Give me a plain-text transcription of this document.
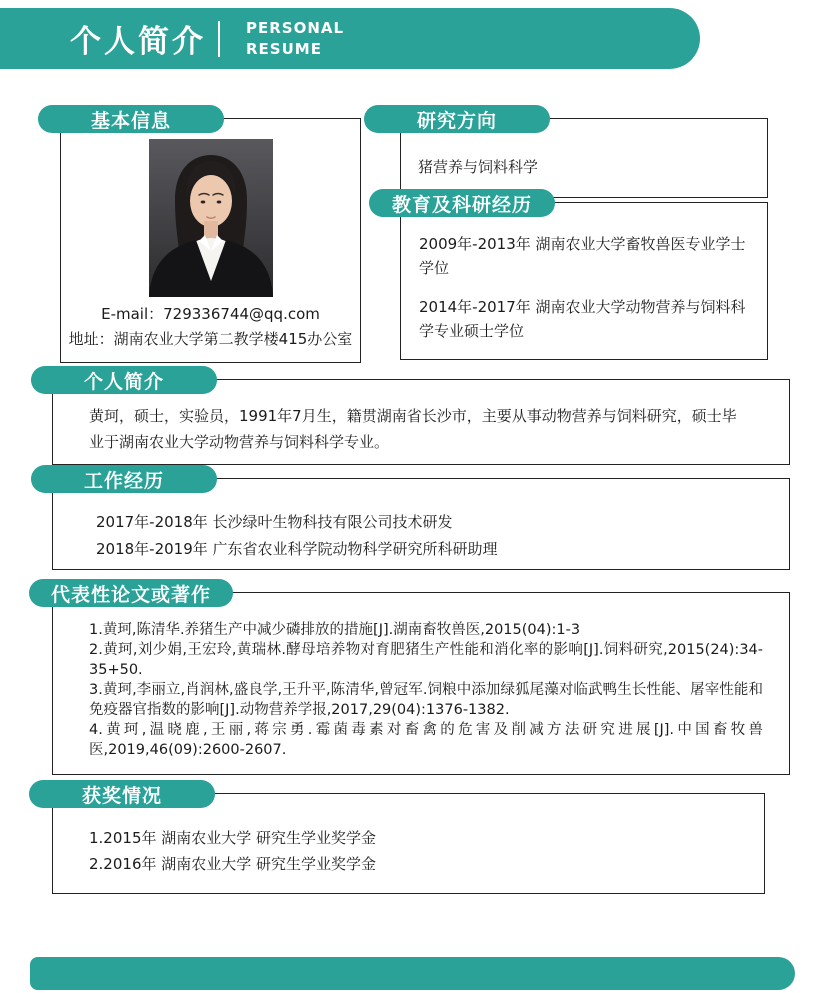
个人简介	PERSONAL
RESUME
基本信息
E-mail：729336744@qq.com
地址：湖南农业大学第二教学楼415办公室
研究方向
猪营养与饲料科学
教育及科研经历
2009年-2013年 湖南农业大学畜牧兽医专业学士学位
2014年-2017年 湖南农业大学动物营养与饲料科学专业硕士学位
个人简介
黄珂，硕士，实验员，1991年7月生，籍贯湖南省长沙市，主要从事动物营养与饲料研究，硕士毕业于湖南农业大学动物营养与饲料科学专业。
工作经历
2017年-2018年 长沙绿叶生物科技有限公司技术研发
2018年-2019年 广东省农业科学院动物科学研究所科研助理
代表性论文或著作
1.黄珂,陈清华.养猪生产中减少磷排放的措施[J].湖南畜牧兽医,2015(04):1-3
2.黄珂,刘少娟,王宏玲,黄瑞林.酵母培养物对育肥猪生产性能和消化率的影响[J].饲料研究,2015(24):34-35+50.
3.黄珂,李丽立,肖润林,盛良学,王升平,陈清华,曾冠军.饲粮中添加绿狐尾藻对临武鸭生长性能、屠宰性能和免疫器官指数的影响[J].动物营养学报,2017,29(04):1376-1382.
4.黄珂,温晓鹿,王丽,蒋宗勇.霉菌毒素对畜禽的危害及削减方法研究进展[J].中国畜牧兽医,2019,46(09):2600-2607.
获奖情况
1.2015年 湖南农业大学 研究生学业奖学金
2.2016年 湖南农业大学 研究生学业奖学金
